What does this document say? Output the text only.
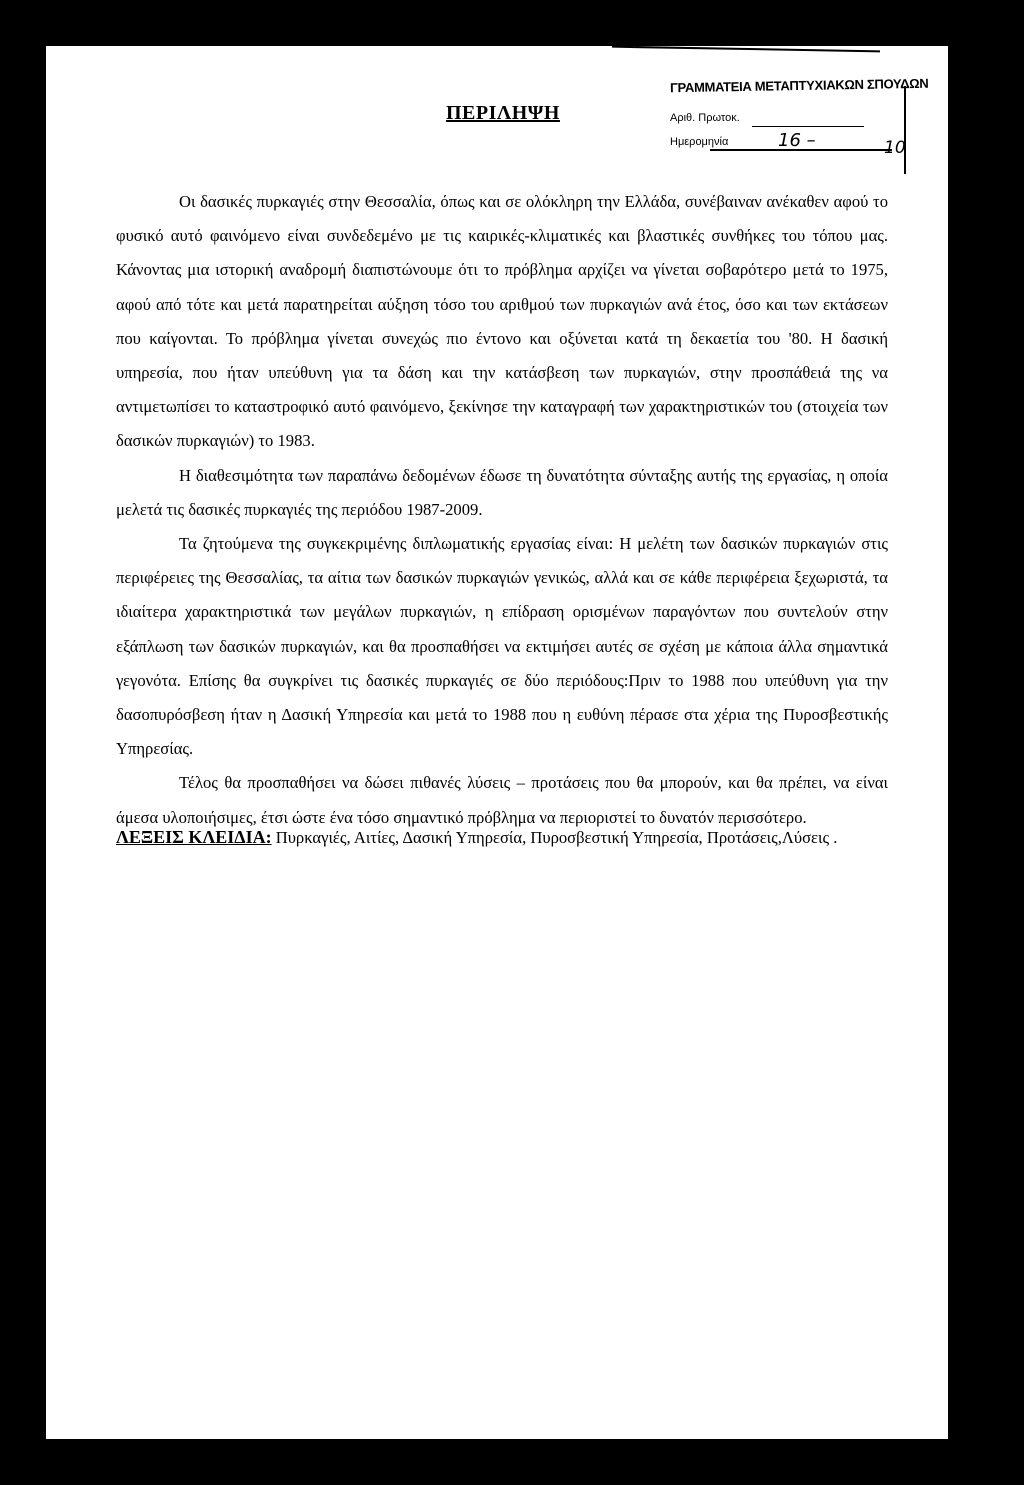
ΠΕΡΙΛΗΨΗ
ΓΡΑΜΜΑΤΕΙΑ ΜΕΤΑΠΤΥΧΙΑΚΩΝ ΣΠΟΥΔΩΝ
Αριθ. Πρωτοκ.
Ημερομηνία	16 –	10

Οι δασικές πυρκαγιές στην Θεσσαλία, όπως και σε ολόκληρη την Ελλάδα, συνέβαιναν ανέκαθεν αφού το φυσικό αυτό φαινόμενο είναι συνδεδεμένο με τις καιρικές-κλιματικές και βλαστικές συνθήκες του τόπου μας. Κάνοντας μια ιστορική αναδρομή διαπιστώνουμε ότι το πρόβλημα αρχίζει να γίνεται σοβαρότερο μετά το 1975, αφού από τότε και μετά παρατηρείται αύξηση τόσο του αριθμού των πυρκαγιών ανά έτος, όσο και των εκτάσεων που καίγονται. Το πρόβλημα γίνεται συνεχώς πιο έντονο και οξύνεται κατά τη δεκαετία του '80. Η δασική υπηρεσία, που ήταν υπεύθυνη για τα δάση και την κατάσβεση των πυρκαγιών, στην προσπάθειά της να αντιμετωπίσει το καταστροφικό αυτό φαινόμενο, ξεκίνησε την καταγραφή των χαρακτηριστικών του (στοιχεία των δασικών πυρκαγιών) το 1983.

Η διαθεσιμότητα των παραπάνω δεδομένων έδωσε τη δυνατότητα σύνταξης αυτής της εργασίας, η οποία μελετά τις δασικές πυρκαγιές της περιόδου 1987-2009.

Τα ζητούμενα της συγκεκριμένης διπλωματικής εργασίας είναι: Η μελέτη των δασικών πυρκαγιών στις περιφέρειες της Θεσσαλίας, τα αίτια των δασικών πυρκαγιών γενικώς, αλλά και σε κάθε περιφέρεια ξεχωριστά, τα ιδιαίτερα χαρακτηριστικά των μεγάλων πυρκαγιών, η επίδραση ορισμένων παραγόντων που συντελούν στην εξάπλωση των δασικών πυρκαγιών, και θα προσπαθήσει να εκτιμήσει αυτές σε σχέση με κάποια άλλα σημαντικά γεγονότα. Επίσης θα συγκρίνει τις δασικές πυρκαγιές σε δύο περιόδους:Πριν το 1988 που υπεύθυνη για την δασοπυρόσβεση ήταν η Δασική Υπηρεσία και μετά το 1988 που η ευθύνη πέρασε στα χέρια της Πυροσβεστικής Υπηρεσίας.

Τέλος θα προσπαθήσει να δώσει πιθανές λύσεις – προτάσεις που θα μπορούν, και θα πρέπει, να είναι άμεσα υλοποιήσιμες, έτσι ώστε ένα τόσο σημαντικό πρόβλημα να περιοριστεί το δυνατόν περισσότερο.

ΛΕΞΕΙΣ ΚΛΕΙΔΙΑ: Πυρκαγιές, Αιτίες, Δασική Υπηρεσία, Πυροσβεστική Υπηρεσία, Προτάσεις,Λύσεις .
